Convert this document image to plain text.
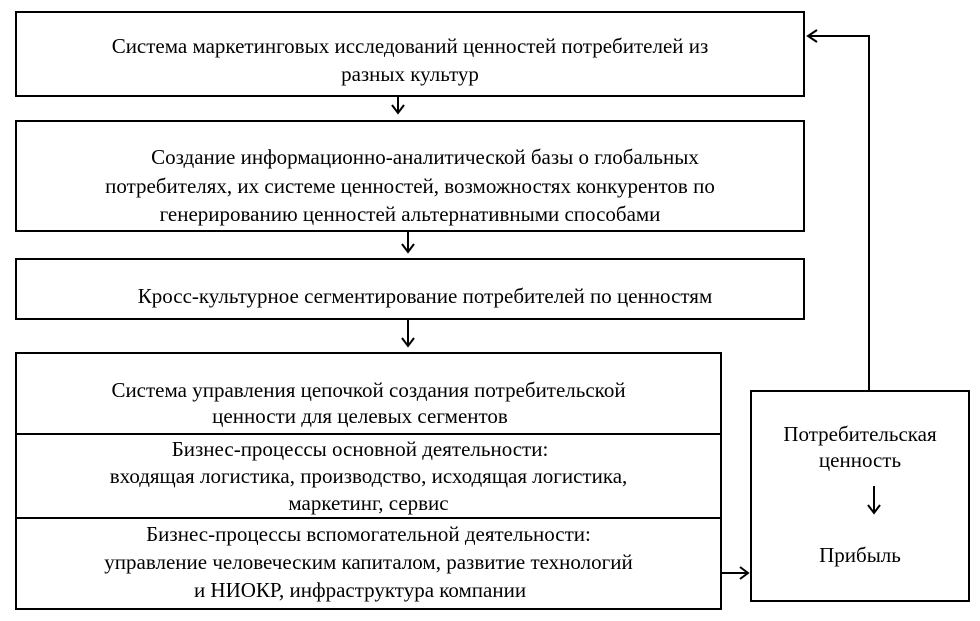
Система маркетинговых исследований ценностей потребителей из
разных культур
Создание информационно-аналитической базы о глобальных
потребителях, их системе ценностей, возможностях конкурентов по
генерированию ценностей альтернативными способами
Кросс-культурное сегментирование потребителей по ценностям
Система управления цепочкой создания потребительской
ценности для целевых сегментов
Бизнес-процессы основной деятельности:
входящая логистика, производство, исходящая логистика,
маркетинг, сервис
Бизнес-процессы вспомогательной деятельности:
управление человеческим капиталом, развитие технологий
и НИОКР, инфраструктура компании
Потребительская
ценность
Прибыль
